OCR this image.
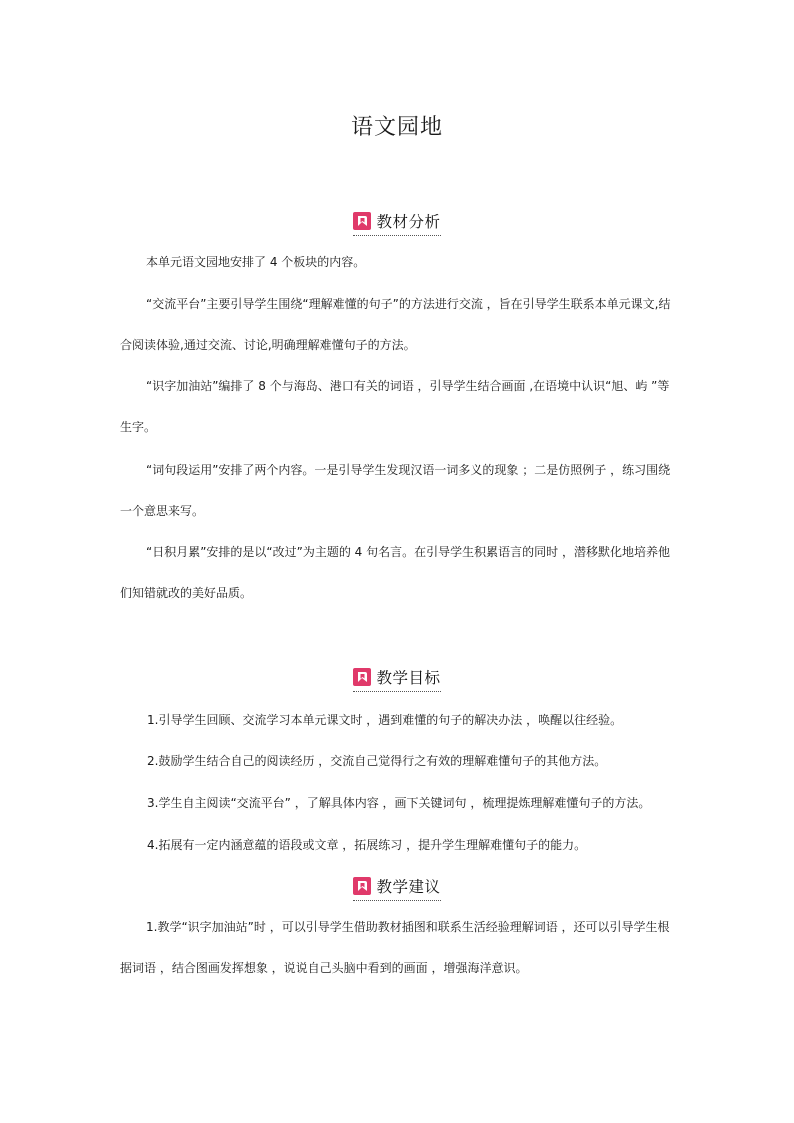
语文园地
教材分析

本单元语文园地安排了 4 个板块的内容。

“交流平台”主要引导学生围绕“理解难懂的句子”的方法进行交流 ，旨在引导学生联系本单元课文,结合阅读体验,通过交流、讨论,明确理解难懂句子的方法。

“识字加油站”编排了 8 个与海岛、港口有关的词语 ，引导学生结合画面 ,在语境中认识“旭、屿 ”等生字。

“词句段运用”安排了两个内容。一是引导学生发现汉语一词多义的现象 ；二是仿照例子 ，练习围绕一个意思来写。

“日积月累”安排的是以“改过”为主题的 4 句名言。在引导学生积累语言的同时 ，潜移默化地培养他们知错就改的美好品质。

教学目标

1.引导学生回顾、交流学习本单元课文时 ，遇到难懂的句子的解决办法 ，唤醒以往经验。

2.鼓励学生结合自己的阅读经历 ，交流自己觉得行之有效的理解难懂句子的其他方法。

3.学生自主阅读“交流平台” ，了解具体内容 ，画下关键词句 ，梳理提炼理解难懂句子的方法。

4.拓展有一定内涵意蕴的语段或文章 ，拓展练习 ，提升学生理解难懂句子的能力。

教学建议

1.教学“识字加油站”时 ，可以引导学生借助教材插图和联系生活经验理解词语 ，还可以引导学生根据词语 ，结合图画发挥想象 ，说说自己头脑中看到的画面 ，增强海洋意识。
